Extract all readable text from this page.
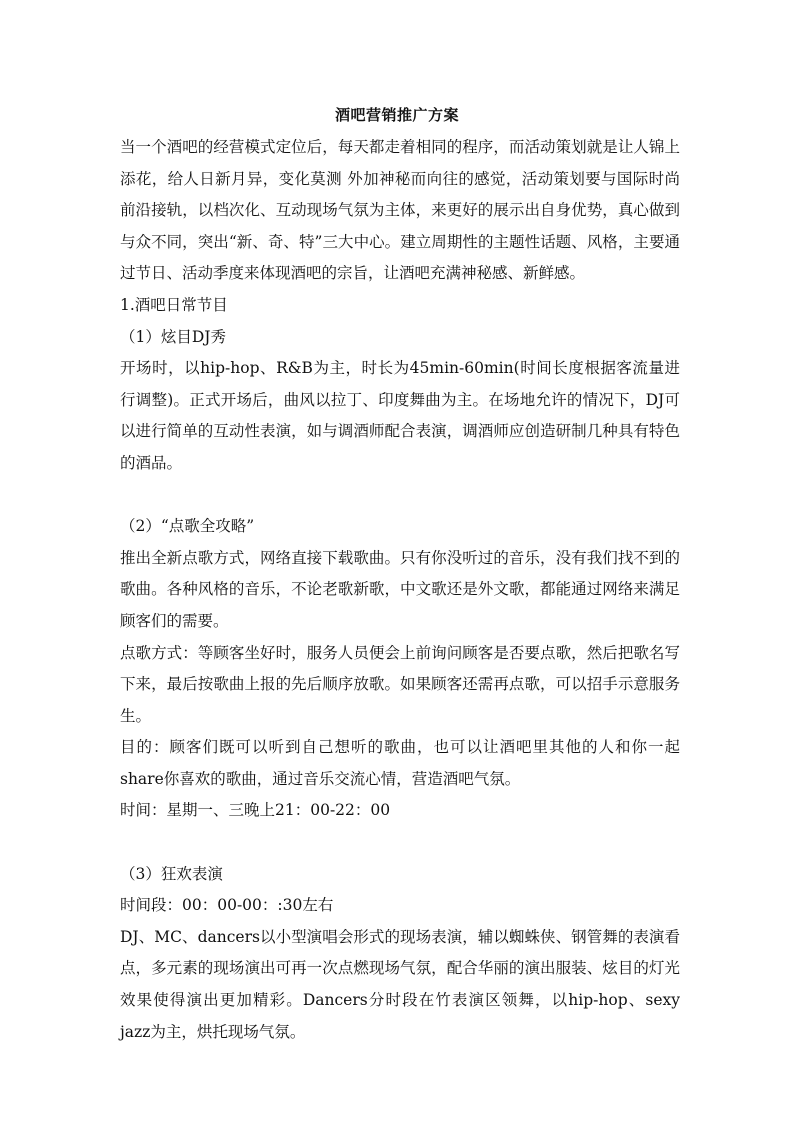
酒吧营销推广方案

当一个酒吧的经营模式定位后，每天都走着相同的程序，而活动策划就是让人锦上添花，给人日新月异，变化莫测 外加神秘而向往的感觉，活动策划要与国际时尚前沿接轨，以档次化、互动现场气氛为主体，来更好的展示出自身优势，真心做到与众不同，突出“新、奇、特”三大中心。建立周期性的主题性话题、风格，主要通过节日、活动季度来体现酒吧的宗旨，让酒吧充满神秘感、新鲜感。

1.酒吧日常节目

（1）炫目DJ秀

开场时，以hip-hop、R&B为主，时长为45min-60min(时间长度根据客流量进行调整)。正式开场后，曲风以拉丁、印度舞曲为主。在场地允许的情况下，DJ可以进行简单的互动性表演，如与调酒师配合表演，调酒师应创造研制几种具有特色的酒品。

（2）“点歌全攻略”

推出全新点歌方式，网络直接下载歌曲。只有你没听过的音乐，没有我们找不到的歌曲。各种风格的音乐，不论老歌新歌，中文歌还是外文歌，都能通过网络来满足顾客们的需要。

点歌方式：等顾客坐好时，服务人员便会上前询问顾客是否要点歌，然后把歌名写下来，最后按歌曲上报的先后顺序放歌。如果顾客还需再点歌，可以招手示意服务生。

目的：顾客们既可以听到自己想听的歌曲，也可以让酒吧里其他的人和你一起share你喜欢的歌曲，通过音乐交流心情，营造酒吧气氛。

时间：星期一、三晚上21：00-22：00

（3）狂欢表演

时间段：00：00-00：:30左右

DJ、MC、dancers以小型演唱会形式的现场表演，辅以蜘蛛侠、钢管舞的表演看点，多元素的现场演出可再一次点燃现场气氛，配合华丽的演出服装、炫目的灯光效果使得演出更加精彩。Dancers分时段在竹表演区领舞，以hip-hop、sexy jazz为主，烘托现场气氛。
